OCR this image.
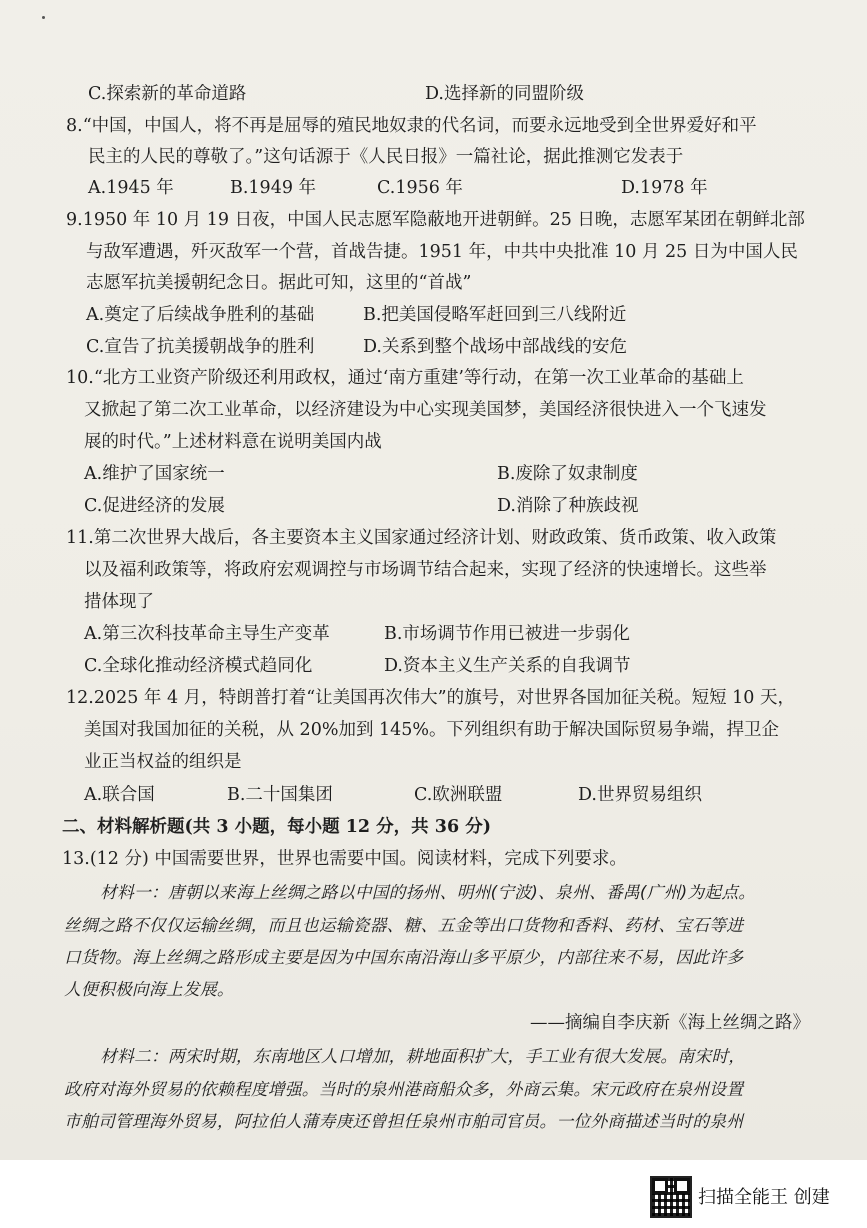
C.探索新的革命道路	D.选择新的同盟阶级
8.“中国，中国人，将不再是屈辱的殖民地奴隶的代名词，而要永远地受到全世界爱好和平
民主的人民的尊敬了。”这句话源于《人民日报》一篇社论，据此推测它发表于
A.1945 年	B.1949 年	C.1956 年	D.1978 年
9.1950 年 10 月 19 日夜，中国人民志愿军隐蔽地开进朝鲜。25 日晚，志愿军某团在朝鲜北部
与敌军遭遇，歼灭敌军一个营，首战告捷。1951 年，中共中央批准 10 月 25 日为中国人民
志愿军抗美援朝纪念日。据此可知，这里的“首战”
A.奠定了后续战争胜利的基础	B.把美国侵略军赶回到三八线附近
C.宣告了抗美援朝战争的胜利	D.关系到整个战场中部战线的安危
10.“北方工业资产阶级还利用政权，通过‘南方重建’等行动，在第一次工业革命的基础上
又掀起了第二次工业革命，以经济建设为中心实现美国梦，美国经济很快进入一个飞速发
展的时代。”上述材料意在说明美国内战
A.维护了国家统一	B.废除了奴隶制度
C.促进经济的发展	D.消除了种族歧视
11.第二次世界大战后，各主要资本主义国家通过经济计划、财政政策、货币政策、收入政策
以及福利政策等，将政府宏观调控与市场调节结合起来，实现了经济的快速增长。这些举
措体现了
A.第三次科技革命主导生产变革	B.市场调节作用已被进一步弱化
C.全球化推动经济模式趋同化	D.资本主义生产关系的自我调节
12.2025 年 4 月，特朗普打着“让美国再次伟大”的旗号，对世界各国加征关税。短短 10 天，
美国对我国加征的关税，从 20%加到 145%。下列组织有助于解决国际贸易争端，捍卫企
业正当权益的组织是
A.联合国	B.二十国集团	C.欧洲联盟	D.世界贸易组织
二、材料解析题(共 3 小题，每小题 12 分，共 36 分)
13.(12 分) 中国需要世界，世界也需要中国。阅读材料，完成下列要求。
材料一：唐朝以来海上丝绸之路以中国的扬州、明州(宁波)、泉州、番禺(广州)为起点。
丝绸之路不仅仅运输丝绸，而且也运输瓷器、糖、五金等出口货物和香料、药材、宝石等进
口货物。海上丝绸之路形成主要是因为中国东南沿海山多平原少，内部往来不易，因此许多
人便积极向海上发展。
——摘编自李庆新《海上丝绸之路》
材料二：两宋时期，东南地区人口增加，耕地面积扩大，手工业有很大发展。南宋时，
政府对海外贸易的依赖程度增强。当时的泉州港商船众多，外商云集。宋元政府在泉州设置
市舶司管理海外贸易，阿拉伯人蒲寿庚还曾担任泉州市舶司官员。一位外商描述当时的泉州
扫描全能王 创建
